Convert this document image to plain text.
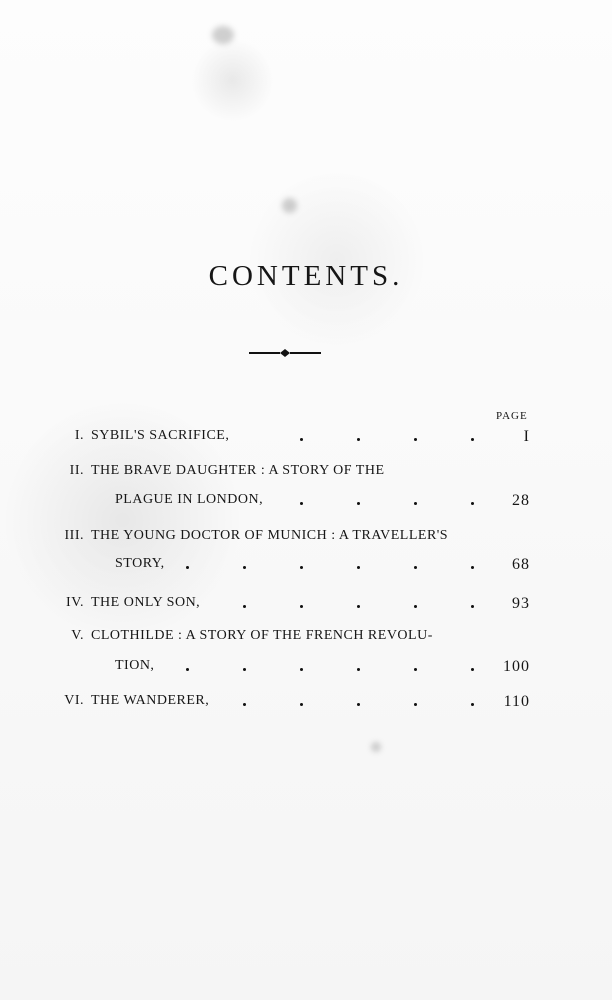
CONTENTS.
PAGE
I. SYBIL'S SACRIFICE,	I
II. THE BRAVE DAUGHTER : A STORY OF THE
PLAGUE IN LONDON,	28
III. THE YOUNG DOCTOR OF MUNICH : A TRAVELLER'S
STORY,	68
IV. THE ONLY SON,	93
V. CLOTHILDE : A STORY OF THE FRENCH REVOLU-
TION,	100
VI. THE WANDERER,	110
